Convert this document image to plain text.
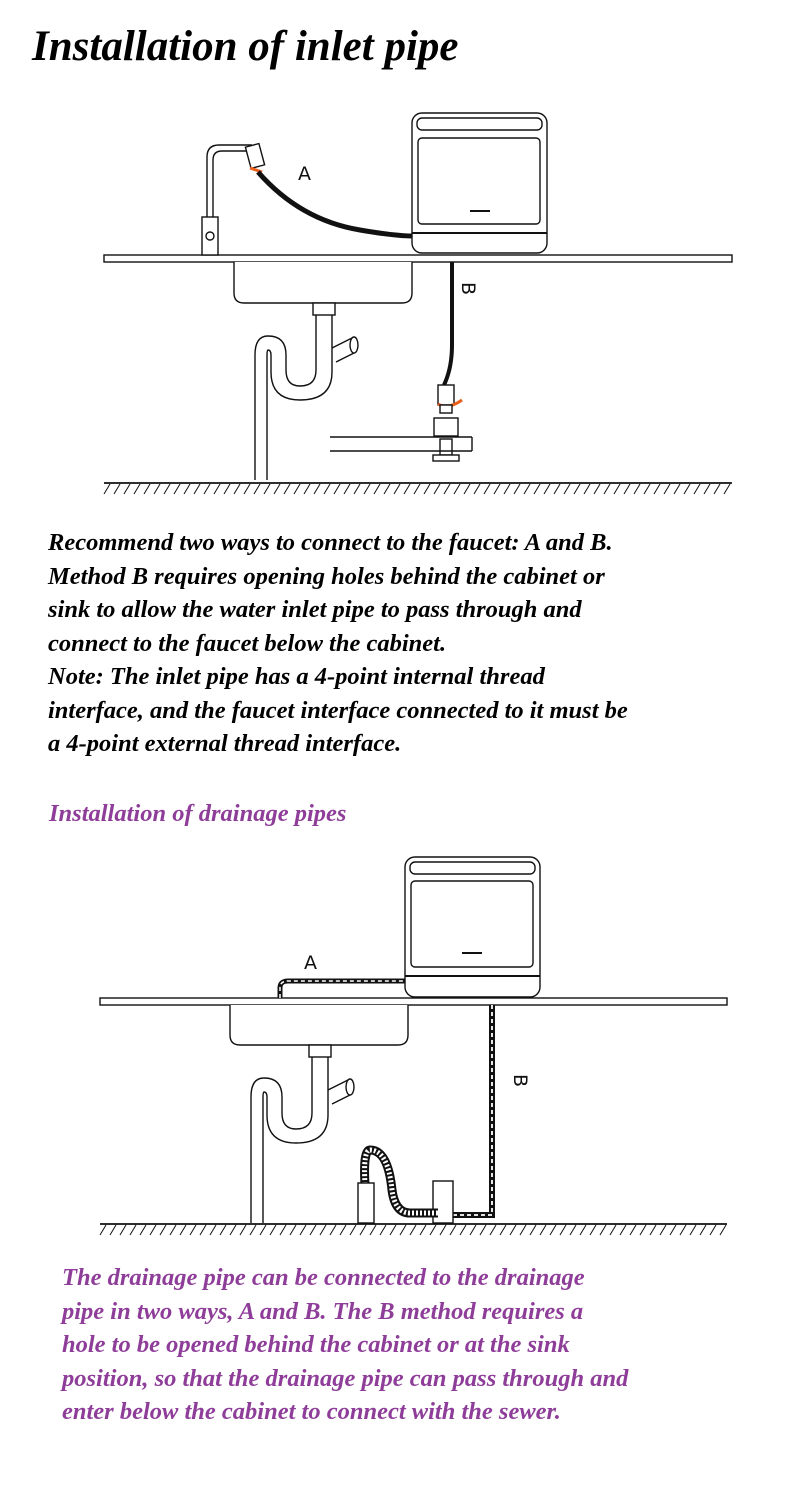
Installation of inlet pipe
A
B
Recommend two ways to connect to the faucet: A and B.
Method B requires opening holes behind the cabinet or
sink to allow the water inlet pipe to pass through and
connect to the faucet below the cabinet.
Note: The inlet pipe has a 4-point internal thread
interface, and the faucet interface connected to it must be
a 4-point external thread interface.
Installation of drainage pipes
A
B
The drainage pipe can be connected to the drainage
pipe in two ways, A and B. The B method requires a
hole to be opened behind the cabinet or at the sink
position, so that the drainage pipe can pass through and
enter below the cabinet to connect with the sewer.
